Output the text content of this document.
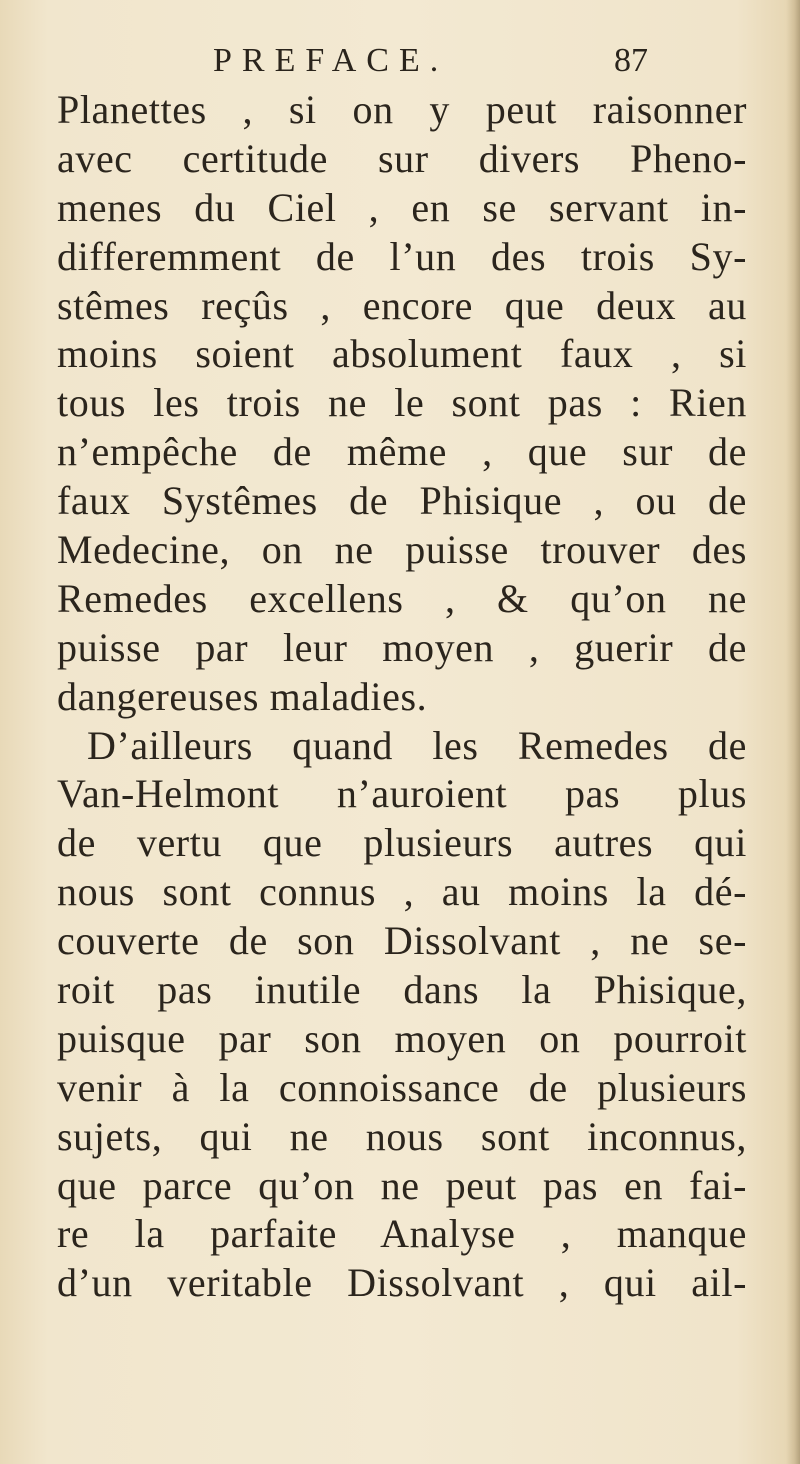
PREFACE.	87
Planettes , si on y peut raisonner
avec certitude sur divers Pheno-
menes du Ciel , en se servant in-
differemment de l’un des trois Sy-
stêmes reçûs , encore que deux au
moins soient absolument faux , si
tous les trois ne le sont pas : Rien
n’empêche de même , que sur de
faux Systêmes de Phisique , ou de
Medecine, on ne puisse trouver des
Remedes excellens , & qu’on ne
puisse par leur moyen , guerir de
dangereuses maladies.
D’ailleurs quand les Remedes de
Van-Helmont n’auroient pas plus
de vertu que plusieurs autres qui
nous sont connus , au moins la dé-
couverte de son Dissolvant , ne se-
roit pas inutile dans la Phisique,
puisque par son moyen on pourroit
venir à la connoissance de plusieurs
sujets, qui ne nous sont inconnus,
que parce qu’on ne peut pas en fai-
re la parfaite Analyse , manque
d’un veritable Dissolvant , qui ail-
